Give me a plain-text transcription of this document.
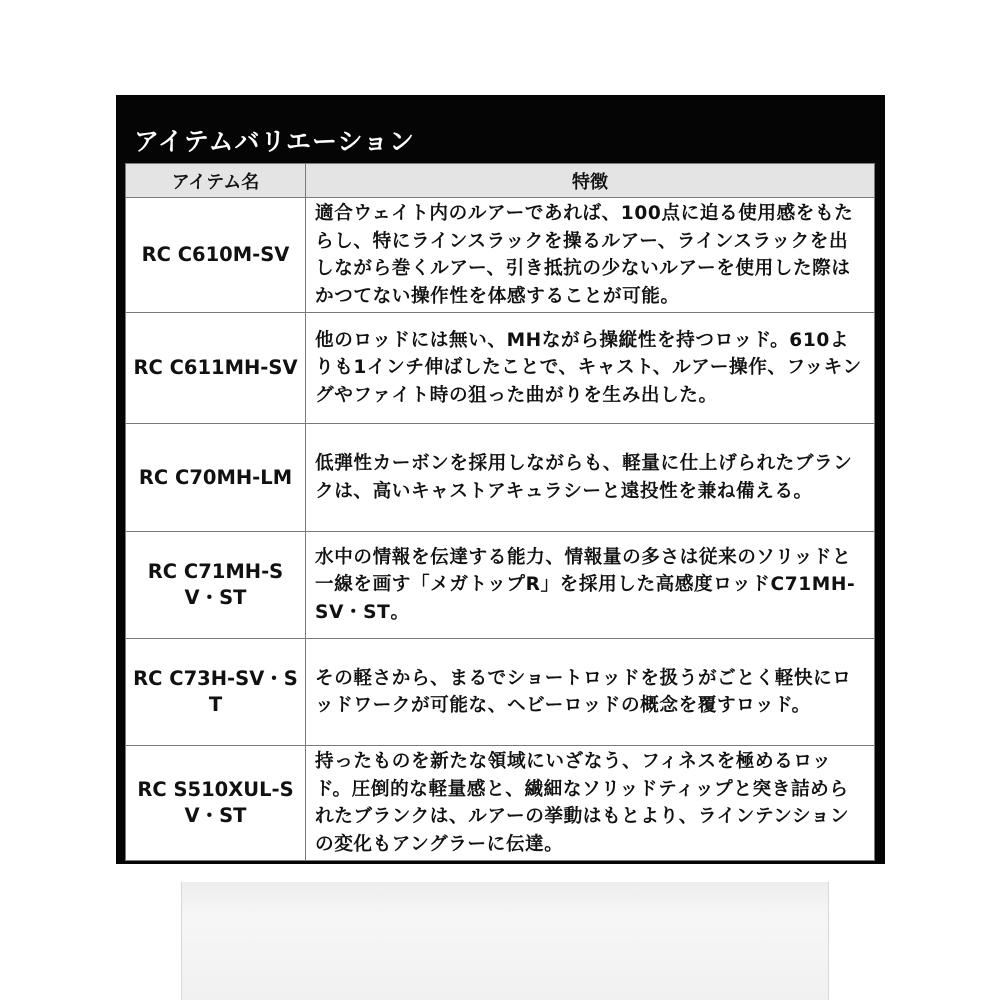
アイテムバリエーション
アイテム名	特徴
RC C610M-SV	適合ウェイト内のルアーであれば、100点に迫る使用感をもたらし、特にラインスラックを操るルアー、ラインスラックを出しながら巻くルアー、引き抵抗の少ないルアーを使用した際はかつてない操作性を体感することが可能。
RC C611MH-SV	他のロッドには無い、MHながら操縦性を持つロッド。610よりも1インチ伸ばしたことで、キャスト、ルアー操作、フッキングやファイト時の狙った曲がりを生み出した。
RC C70MH-LM	低弾性カーボンを採用しながらも、軽量に仕上げられたブランクは、高いキャストアキュラシーと遠投性を兼ね備える。
RC C71MH-SV・ST	水中の情報を伝達する能力、情報量の多さは従来のソリッドと一線を画す「メガトップR」を採用した高感度ロッドC71MH-SV・ST。
RC C73H-SV・ST	その軽さから、まるでショートロッドを扱うがごとく軽快にロッドワークが可能な、ヘビーロッドの概念を覆すロッド。
RC S510XUL-SV・ST	持ったものを新たな領域にいざなう、フィネスを極めるロッド。圧倒的な軽量感と、繊細なソリッドティップと突き詰められたブランクは、ルアーの挙動はもとより、ラインテンションの変化もアングラーに伝達。
